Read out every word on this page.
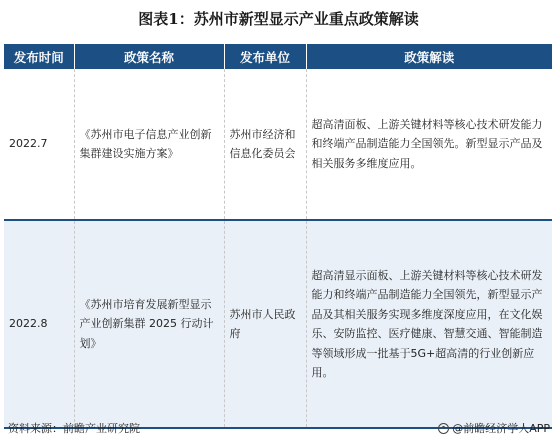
图表1：苏州市新型显示产业重点政策解读
发布时间	政策名称	发布单位	政策解读
2022.7	《苏州市电子信息产业创新集群建设实施方案》	苏州市经济和信息化委员会	超高清面板、上游关键材料等核心技术研发能力和终端产品制造能力全国领先。新型显示产品及相关服务多维度应用。
2022.8	《苏州市培育发展新型显示产业创新集群 2025 行动计划》	苏州市人民政府	超高清显示面板、上游关键材料等核心技术研发能力和终端产品制造能力全国领先，新型显示产品及其相关服务实现多维度深度应用，在文化娱乐、安防监控、医疗健康、智慧交通、智能制造等领域形成一批基于5G+超高清的行业创新应用。
资料来源：前瞻产业研究院	@前瞻经济学人APP
